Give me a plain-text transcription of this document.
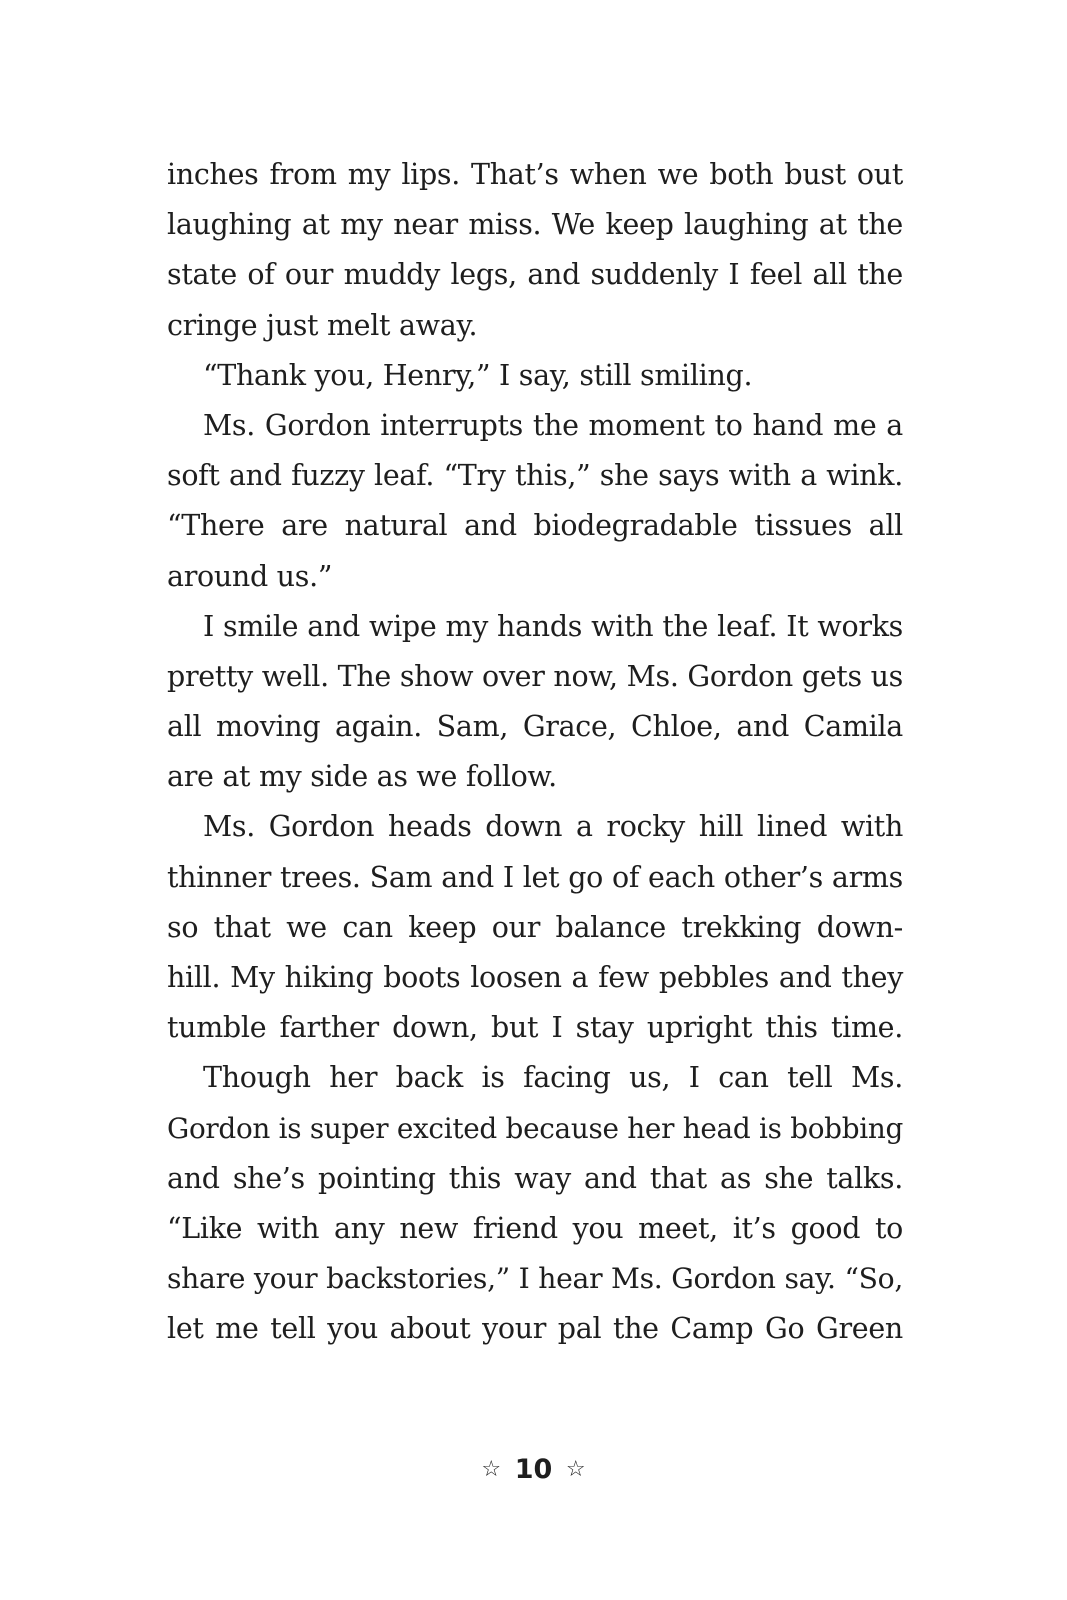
inches from my lips. That’s when we both bust out
laughing at my near miss. We keep laughing at the
state of our muddy legs, and suddenly I feel all the
cringe just melt away.
“Thank you, Henry,” I say, still smiling.
Ms. Gordon interrupts the moment to hand me a
soft and fuzzy leaf. “Try this,” she says with a wink.
“There are natural and biodegradable tissues all
around us.”
I smile and wipe my hands with the leaf. It works
pretty well. The show over now, Ms. Gordon gets us
all moving again. Sam, Grace, Chloe, and Camila
are at my side as we follow.
Ms. Gordon heads down a rocky hill lined with
thinner trees. Sam and I let go of each other’s arms
so that we can keep our balance trekking down-
hill. My hiking boots loosen a few pebbles and they
tumble farther down, but I stay upright this time.
Though her back is facing us, I can tell Ms.
Gordon is super excited because her head is bobbing
and she’s pointing this way and that as she talks.
“Like with any new friend you meet, it’s good to
share your backstories,” I hear Ms. Gordon say. “So,
let me tell you about your pal the Camp Go Green
☆ 10 ☆
